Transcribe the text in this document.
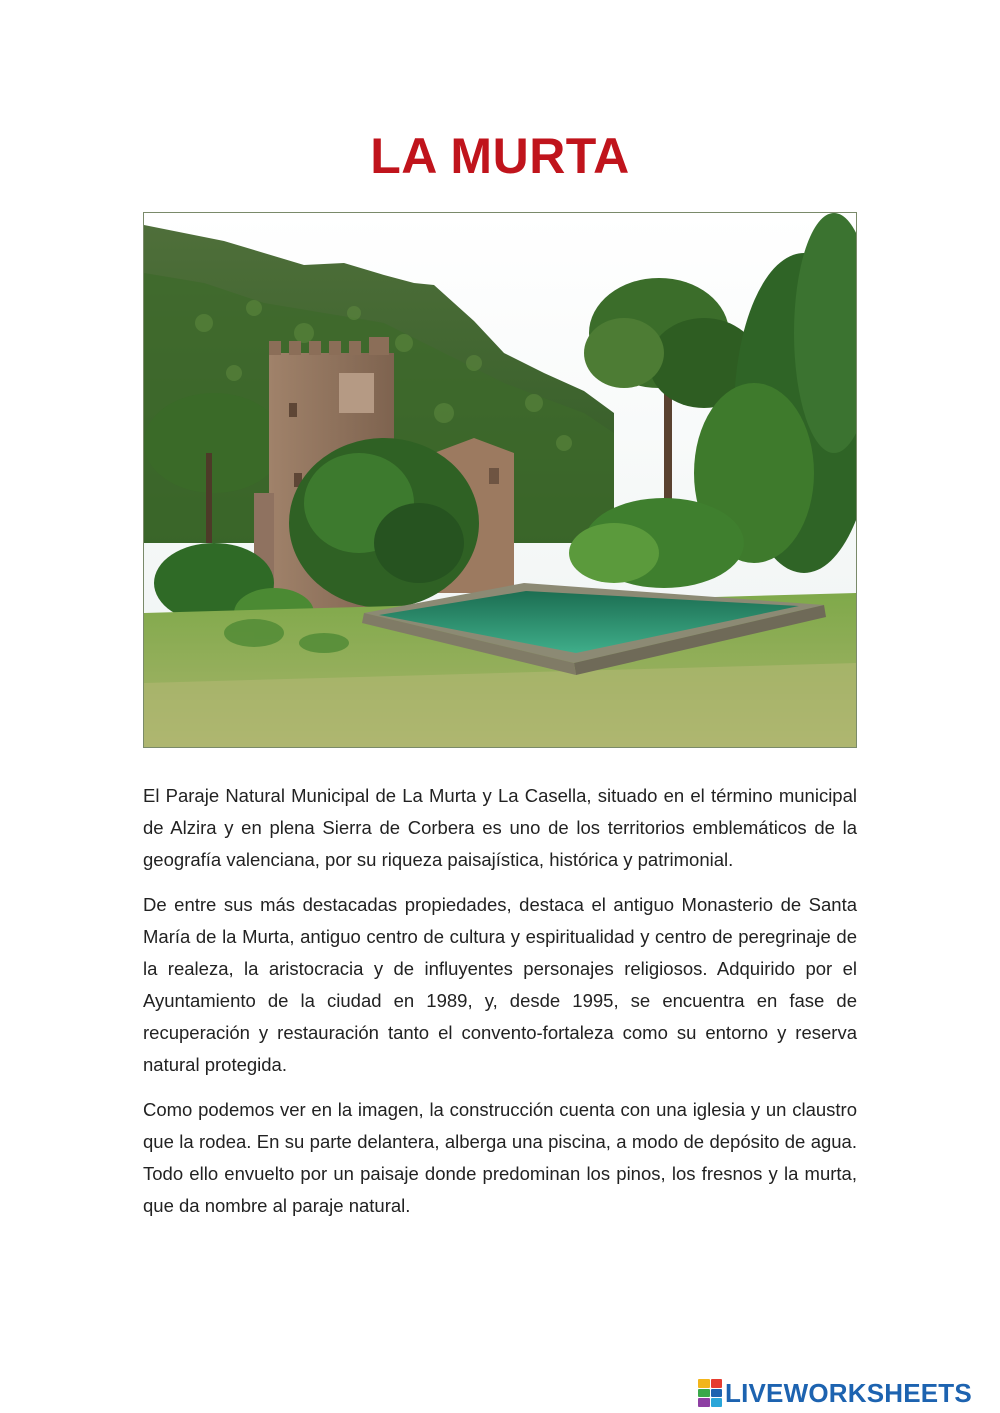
LA MURTA

El Paraje Natural Municipal de La Murta y La Casella, situado en el término municipal de Alzira y en plena Sierra de Corbera es uno de los territorios emblemáticos de la geografía valenciana, por su riqueza paisajística, histórica y patrimonial.

De entre sus más destacadas propiedades, destaca el antiguo Monasterio de Santa María de la Murta, antiguo centro de cultura y espiritualidad y centro de peregrinaje de la realeza, la aristocracia y de influyentes personajes religiosos. Adquirido por el Ayuntamiento de la ciudad en 1989, y, desde 1995, se encuentra en fase de recuperación y restauración tanto el convento-fortaleza como su entorno y reserva natural protegida.

Como podemos ver en la imagen, la construcción cuenta con una iglesia y un claustro que la rodea. En su parte delantera, alberga una piscina, a modo de depósito de agua. Todo ello envuelto por un paisaje donde predominan los pinos, los fresnos y la murta, que da nombre al paraje natural.

LIVEWORKSHEETS
